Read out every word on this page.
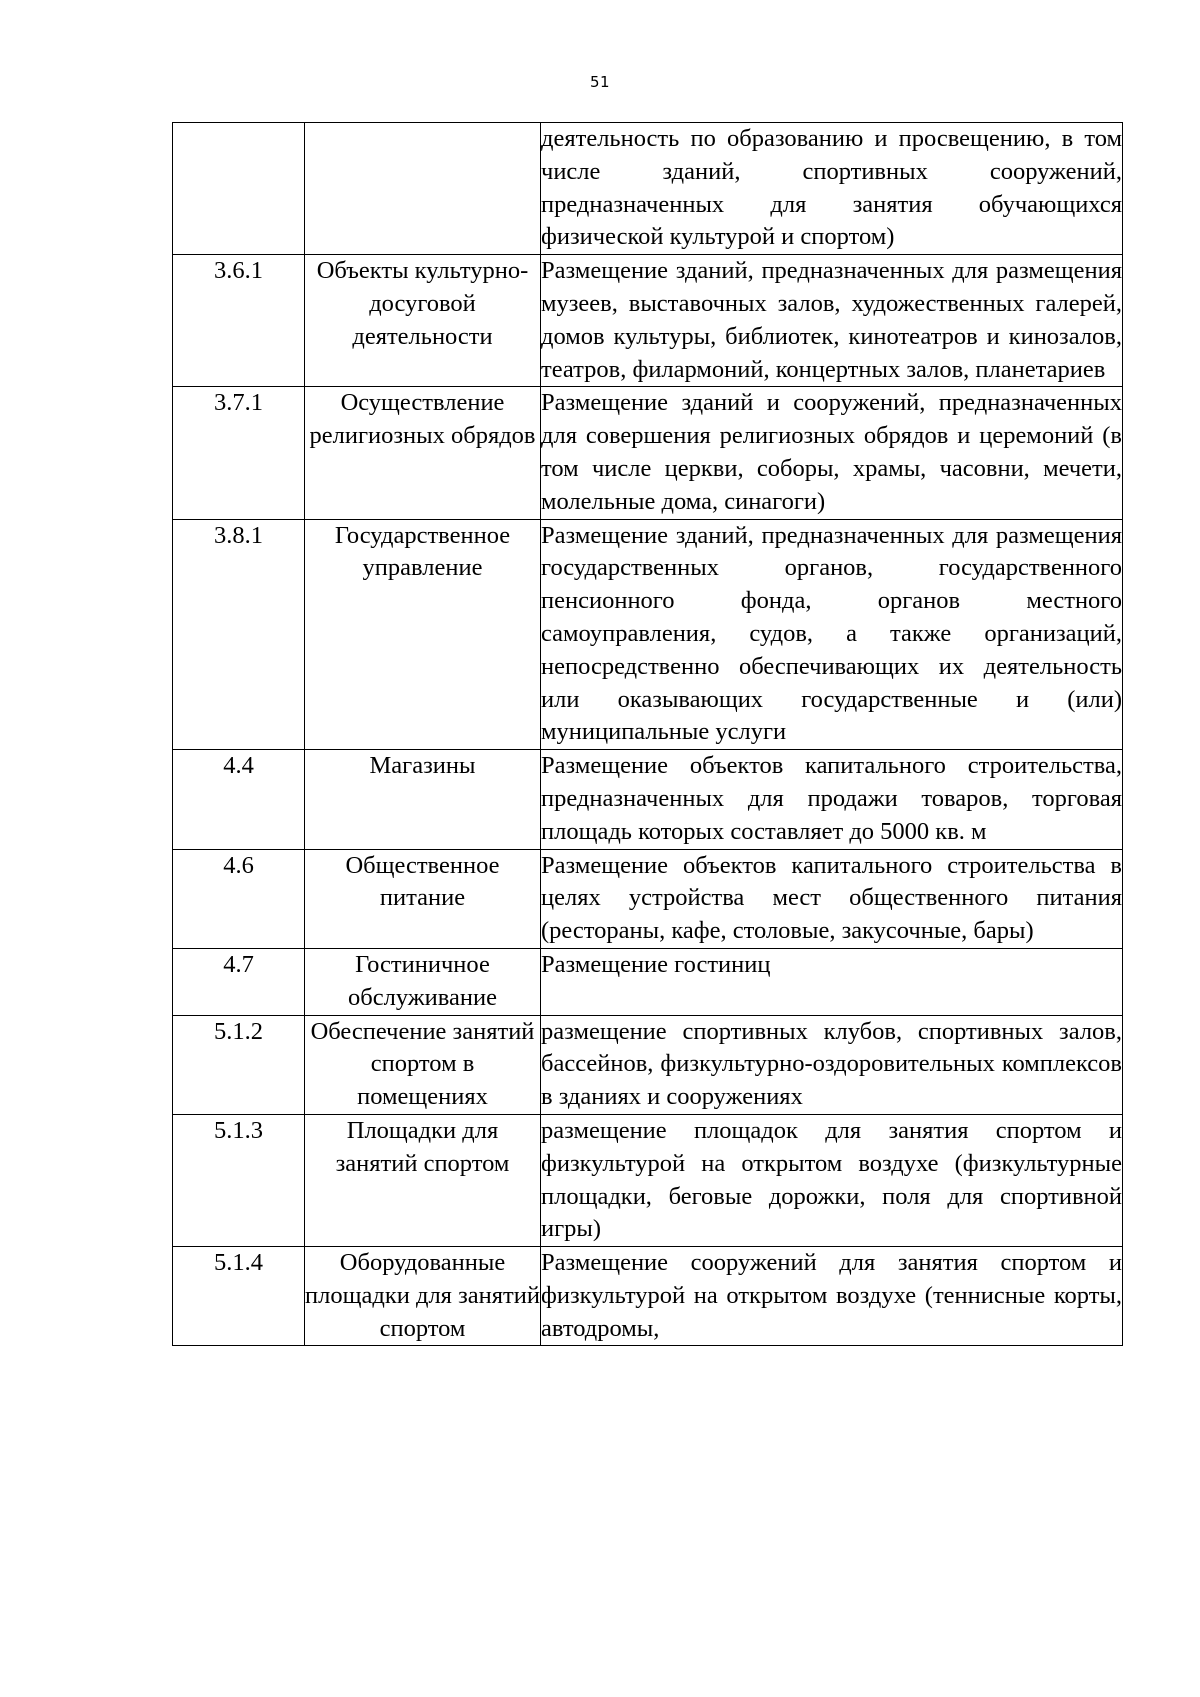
51
		деятельность по образованию и просвещению, в том числе зданий, спортивных сооружений, предназначенных для занятия обучающихся физической культурой и спортом)
3.6.1	Объекты культурно-досуговой деятельности	Размещение зданий, предназначенных для размещения музеев, выставочных залов, художественных галерей, домов культуры, библиотек, кинотеатров и кинозалов, театров, филармоний, концертных залов, планетариев
3.7.1	Осуществление религиозных обрядов	Размещение зданий и сооружений, предназначенных для совершения религиозных обрядов и церемоний (в том числе церкви, соборы, храмы, часовни, мечети, молельные дома, синагоги)
3.8.1	Государственное управление	Размещение зданий, предназначенных для размещения государственных органов, государственного пенсионного фонда, органов местного самоуправления, судов, а также организаций, непосредственно обеспечивающих их деятельность или оказывающих государственные и (или) муниципальные услуги
4.4	Магазины	Размещение объектов капитального строительства, предназначенных для продажи товаров, торговая площадь которых составляет до 5000 кв. м
4.6	Общественное питание	Размещение объектов капитального строительства в целях устройства мест общественного питания (рестораны, кафе, столовые, закусочные, бары)
4.7	Гостиничное обслуживание	Размещение гостиниц
5.1.2	Обеспечение занятий спортом в помещениях	размещение спортивных клубов, спортивных залов, бассейнов, физкультурно-оздоровительных комплексов в зданиях и сооружениях
5.1.3	Площадки для занятий спортом	размещение площадок для занятия спортом и физкультурой на открытом воздухе (физкультурные площадки, беговые дорожки, поля для спортивной игры)
5.1.4	Оборудованные площадки для занятий спортом	Размещение сооружений для занятия спортом и физкультурой на открытом воздухе (теннисные корты, автодромы,
